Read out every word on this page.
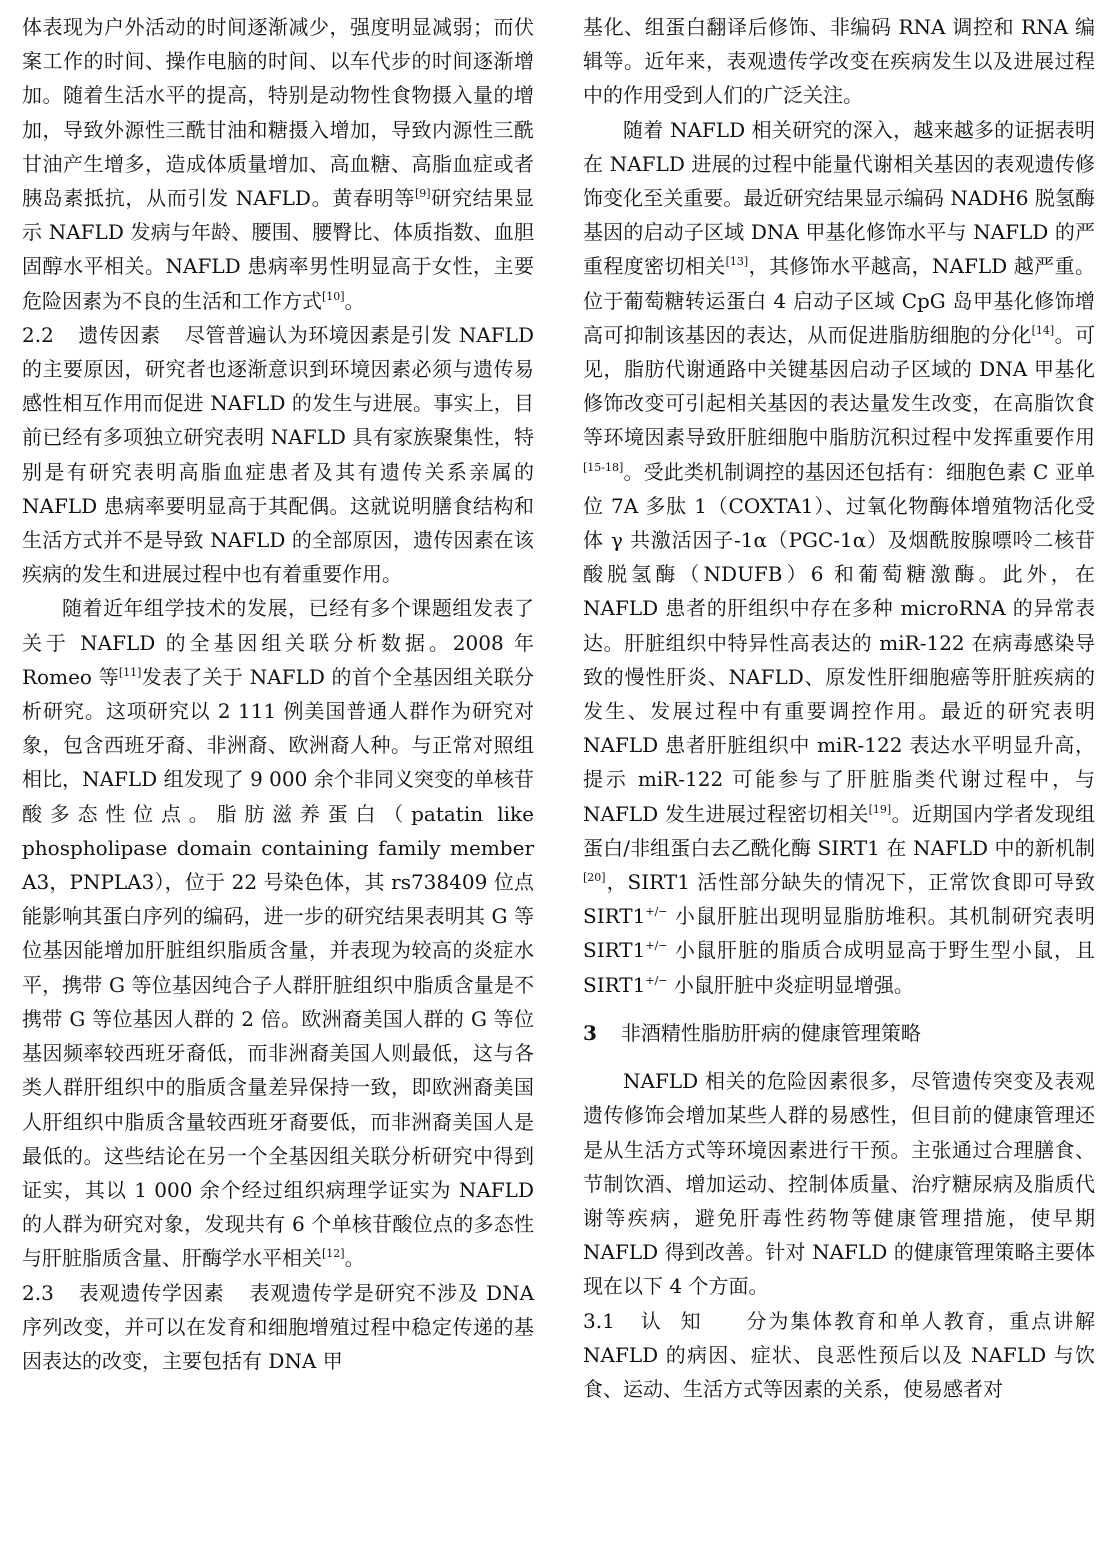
体表现为户外活动的时间逐渐减少，强度明显减弱；而伏案工作的时间、操作电脑的时间、以车代步的时间逐渐增加。随着生活水平的提高，特别是动物性食物摄入量的增加，导致外源性三酰甘油和糖摄入增加，导致内源性三酰甘油产生增多，造成体质量增加、高血糖、高脂血症或者胰岛素抵抗，从而引发 NAFLD。黄春明等[9]研究结果显示 NAFLD 发病与年龄、腰围、腰臀比、体质指数、血胆固醇水平相关。NAFLD 患病率男性明显高于女性，主要危险因素为不良的生活和工作方式[10]。

2.2 遗传因素 尽管普遍认为环境因素是引发 NAFLD 的主要原因，研究者也逐渐意识到环境因素必须与遗传易感性相互作用而促进 NAFLD 的发生与进展。事实上，目前已经有多项独立研究表明 NAFLD 具有家族聚集性，特别是有研究表明高脂血症患者及其有遗传关系亲属的 NAFLD 患病率要明显高于其配偶。这就说明膳食结构和生活方式并不是导致 NAFLD 的全部原因，遗传因素在该疾病的发生和进展过程中也有着重要作用。

随着近年组学技术的发展，已经有多个课题组发表了关于 NAFLD 的全基因组关联分析数据。2008 年 Romeo 等[11]发表了关于 NAFLD 的首个全基因组关联分析研究。这项研究以 2 111 例美国普通人群作为研究对象，包含西班牙裔、非洲裔、欧洲裔人种。与正常对照组相比，NAFLD 组发现了 9 000 余个非同义突变的单核苷酸多态性位点。脂肪滋养蛋白（patatin like phospholipase domain containing family member A3，PNPLA3），位于 22 号染色体，其 rs738409 位点能影响其蛋白序列的编码，进一步的研究结果表明其 G 等位基因能增加肝脏组织脂质含量，并表现为较高的炎症水平，携带 G 等位基因纯合子人群肝脏组织中脂质含量是不携带 G 等位基因人群的 2 倍。欧洲裔美国人群的 G 等位基因频率较西班牙裔低，而非洲裔美国人则最低，这与各类人群肝组织中的脂质含量差异保持一致，即欧洲裔美国人肝组织中脂质含量较西班牙裔要低，而非洲裔美国人是最低的。这些结论在另一个全基因组关联分析研究中得到证实，其以 1 000 余个经过组织病理学证实为 NAFLD 的人群为研究对象，发现共有 6 个单核苷酸位点的多态性与肝脏脂质含量、肝酶学水平相关[12]。

2.3 表观遗传学因素 表观遗传学是研究不涉及 DNA 序列改变，并可以在发育和细胞增殖过程中稳定传递的基因表达的改变，主要包括有 DNA 甲

基化、组蛋白翻译后修饰、非编码 RNA 调控和 RNA 编辑等。近年来，表观遗传学改变在疾病发生以及进展过程中的作用受到人们的广泛关注。

随着 NAFLD 相关研究的深入，越来越多的证据表明在 NAFLD 进展的过程中能量代谢相关基因的表观遗传修饰变化至关重要。最近研究结果显示编码 NADH6 脱氢酶基因的启动子区域 DNA 甲基化修饰水平与 NAFLD 的严重程度密切相关[13]，其修饰水平越高，NAFLD 越严重。位于葡萄糖转运蛋白 4 启动子区域 CpG 岛甲基化修饰增高可抑制该基因的表达，从而促进脂肪细胞的分化[14]。可见，脂肪代谢通路中关键基因启动子区域的 DNA 甲基化修饰改变可引起相关基因的表达量发生改变，在高脂饮食等环境因素导致肝脏细胞中脂肪沉积过程中发挥重要作用[15-18]。受此类机制调控的基因还包括有：细胞色素 C 亚单位 7A 多肽 1（COXTA1）、过氧化物酶体增殖物活化受体 γ 共激活因子-1α（PGC-1α）及烟酰胺腺嘌呤二核苷酸脱氢酶（NDUFB）6 和葡萄糖激酶。此外，在 NAFLD 患者的肝组织中存在多种 microRNA 的异常表达。肝脏组织中特异性高表达的 miR-122 在病毒感染导致的慢性肝炎、NAFLD、原发性肝细胞癌等肝脏疾病的发生、发展过程中有重要调控作用。最近的研究表明 NAFLD 患者肝脏组织中 miR-122 表达水平明显升高，提示 miR-122 可能参与了肝脏脂类代谢过程中，与 NAFLD 发生进展过程密切相关[19]。近期国内学者发现组蛋白/非组蛋白去乙酰化酶 SIRT1 在 NAFLD 中的新机制[20]，SIRT1 活性部分缺失的情况下，正常饮食即可导致 SIRT1+/− 小鼠肝脏出现明显脂肪堆积。其机制研究表明 SIRT1+/− 小鼠肝脏的脂质合成明显高于野生型小鼠，且 SIRT1+/− 小鼠肝脏中炎症明显增强。

3 非酒精性脂肪肝病的健康管理策略

NAFLD 相关的危险因素很多，尽管遗传突变及表观遗传修饰会增加某些人群的易感性，但目前的健康管理还是从生活方式等环境因素进行干预。主张通过合理膳食、节制饮酒、增加运动、控制体质量、治疗糖尿病及脂质代谢等疾病，避免肝毒性药物等健康管理措施，使早期 NAFLD 得到改善。针对 NAFLD 的健康管理策略主要体现在以下 4 个方面。

3.1 认知 分为集体教育和单人教育，重点讲解 NAFLD 的病因、症状、良恶性预后以及 NAFLD 与饮食、运动、生活方式等因素的关系，使易感者对
